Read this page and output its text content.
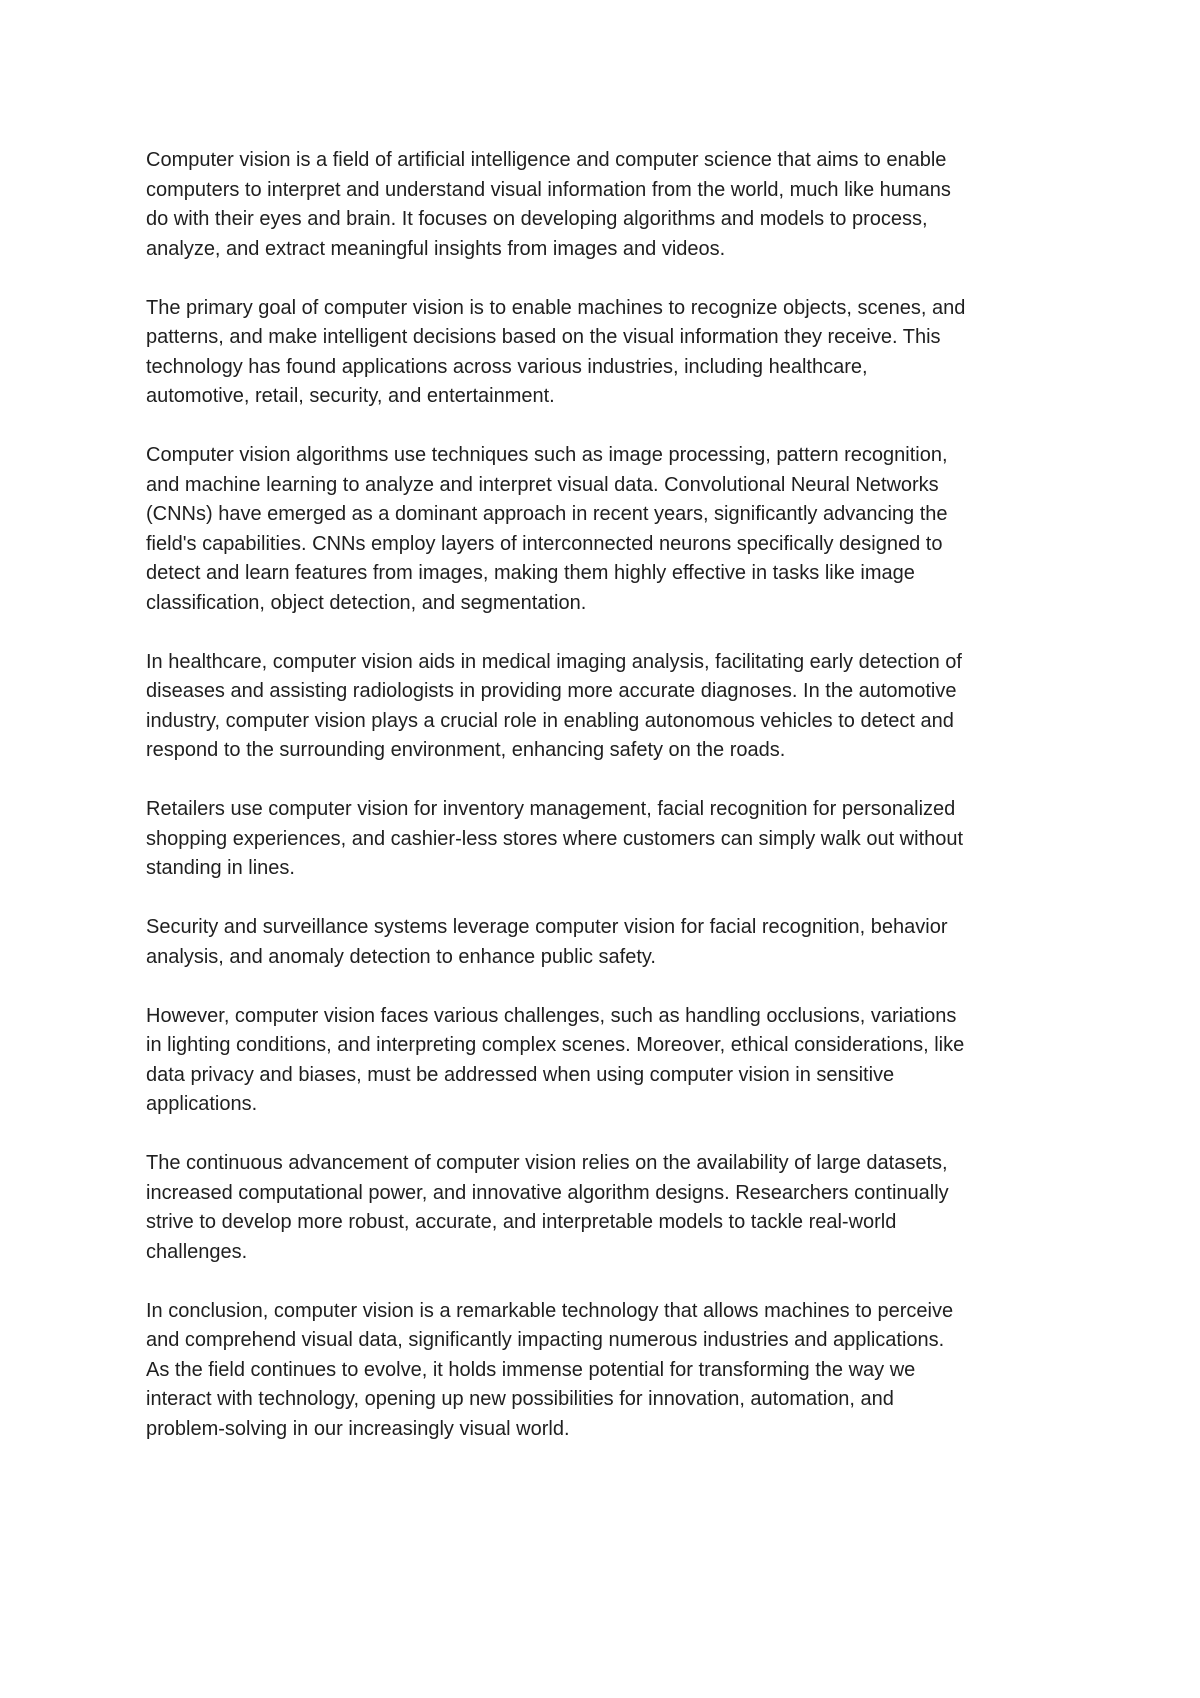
Computer vision is a field of artificial intelligence and computer science that aims to enable
computers to interpret and understand visual information from the world, much like humans
do with their eyes and brain. It focuses on developing algorithms and models to process,
analyze, and extract meaningful insights from images and videos.

The primary goal of computer vision is to enable machines to recognize objects, scenes, and
patterns, and make intelligent decisions based on the visual information they receive. This
technology has found applications across various industries, including healthcare,
automotive, retail, security, and entertainment.

Computer vision algorithms use techniques such as image processing, pattern recognition,
and machine learning to analyze and interpret visual data. Convolutional Neural Networks
(CNNs) have emerged as a dominant approach in recent years, significantly advancing the
field's capabilities. CNNs employ layers of interconnected neurons specifically designed to
detect and learn features from images, making them highly effective in tasks like image
classification, object detection, and segmentation.

In healthcare, computer vision aids in medical imaging analysis, facilitating early detection of
diseases and assisting radiologists in providing more accurate diagnoses. In the automotive
industry, computer vision plays a crucial role in enabling autonomous vehicles to detect and
respond to the surrounding environment, enhancing safety on the roads.

Retailers use computer vision for inventory management, facial recognition for personalized
shopping experiences, and cashier-less stores where customers can simply walk out without
standing in lines.

Security and surveillance systems leverage computer vision for facial recognition, behavior
analysis, and anomaly detection to enhance public safety.

However, computer vision faces various challenges, such as handling occlusions, variations
in lighting conditions, and interpreting complex scenes. Moreover, ethical considerations, like
data privacy and biases, must be addressed when using computer vision in sensitive
applications.

The continuous advancement of computer vision relies on the availability of large datasets,
increased computational power, and innovative algorithm designs. Researchers continually
strive to develop more robust, accurate, and interpretable models to tackle real-world
challenges.

In conclusion, computer vision is a remarkable technology that allows machines to perceive
and comprehend visual data, significantly impacting numerous industries and applications.
As the field continues to evolve, it holds immense potential for transforming the way we
interact with technology, opening up new possibilities for innovation, automation, and
problem-solving in our increasingly visual world.
